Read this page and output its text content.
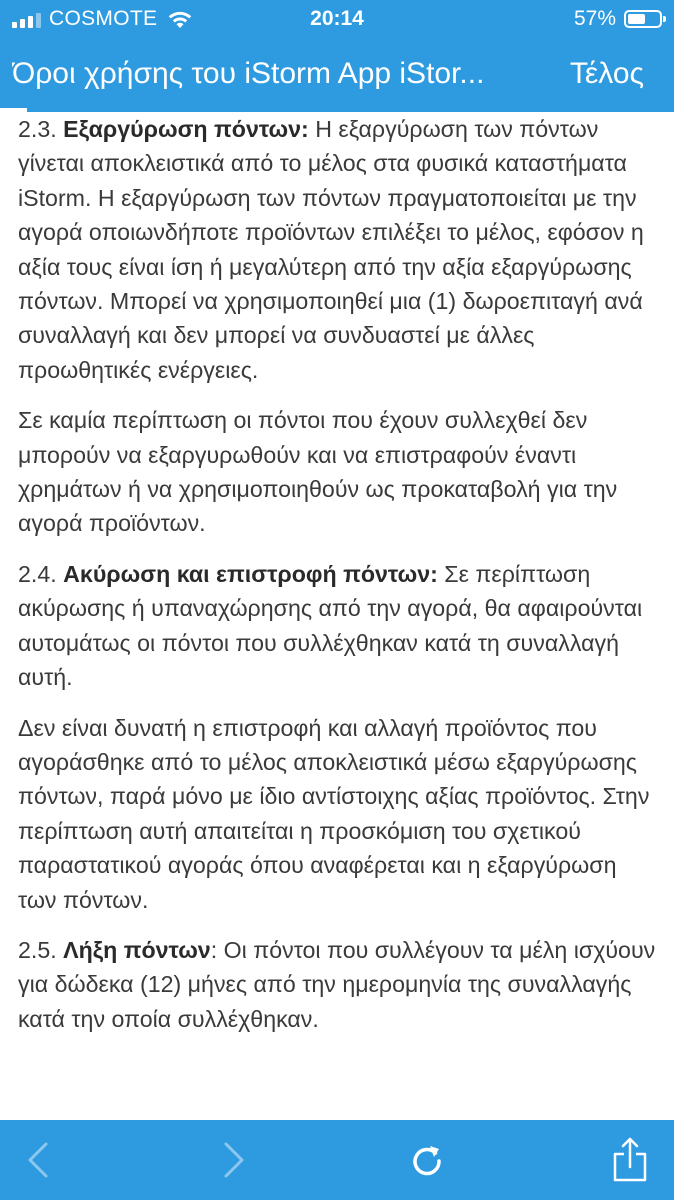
COSMOTE	20:14	57%
Όροι χρήσης του iStorm App iStor...	Τέλος

2.3. Εξαργύρωση πόντων: Η εξαργύρωση των πόντων γίνεται αποκλειστικά από το μέλος στα φυσικά καταστήματα iStorm. Η εξαργύρωση των πόντων πραγματοποιείται με την αγορά οποιωνδήποτε προϊόντων επιλέξει το μέλος, εφόσον η αξία τους είναι ίση ή μεγαλύτερη από την αξία εξαργύρωσης πόντων. Μπορεί να χρησιμοποιηθεί μια (1) δωροεπιταγή ανά συναλλαγή και δεν μπορεί να συνδυαστεί με άλλες προωθητικές ενέργειες.

Σε καμία περίπτωση οι πόντοι που έχουν συλλεχθεί δεν μπορούν να εξαργυρωθούν και να επιστραφούν έναντι χρημάτων ή να χρησιμοποιηθούν ως προκαταβολή για την αγορά προϊόντων.

2.4. Ακύρωση και επιστροφή πόντων: Σε περίπτωση ακύρωσης ή υπαναχώρησης από την αγορά, θα αφαιρούνται αυτομάτως οι πόντοι που συλλέχθηκαν κατά τη συναλλαγή αυτή.

Δεν είναι δυνατή η επιστροφή και αλλαγή προϊόντος που αγοράσθηκε από το μέλος αποκλειστικά μέσω εξαργύρωσης πόντων, παρά μόνο με ίδιο αντίστοιχης αξίας προϊόντος. Στην περίπτωση αυτή απαιτείται η προσκόμιση του σχετικού παραστατικού αγοράς όπου αναφέρεται και η εξαργύρωση των πόντων.

2.5. Λήξη πόντων: Οι πόντοι που συλλέγουν τα μέλη ισχύουν για δώδεκα (12) μήνες από την ημερομηνία της συναλλαγής κατά την οποία συλλέχθηκαν.
